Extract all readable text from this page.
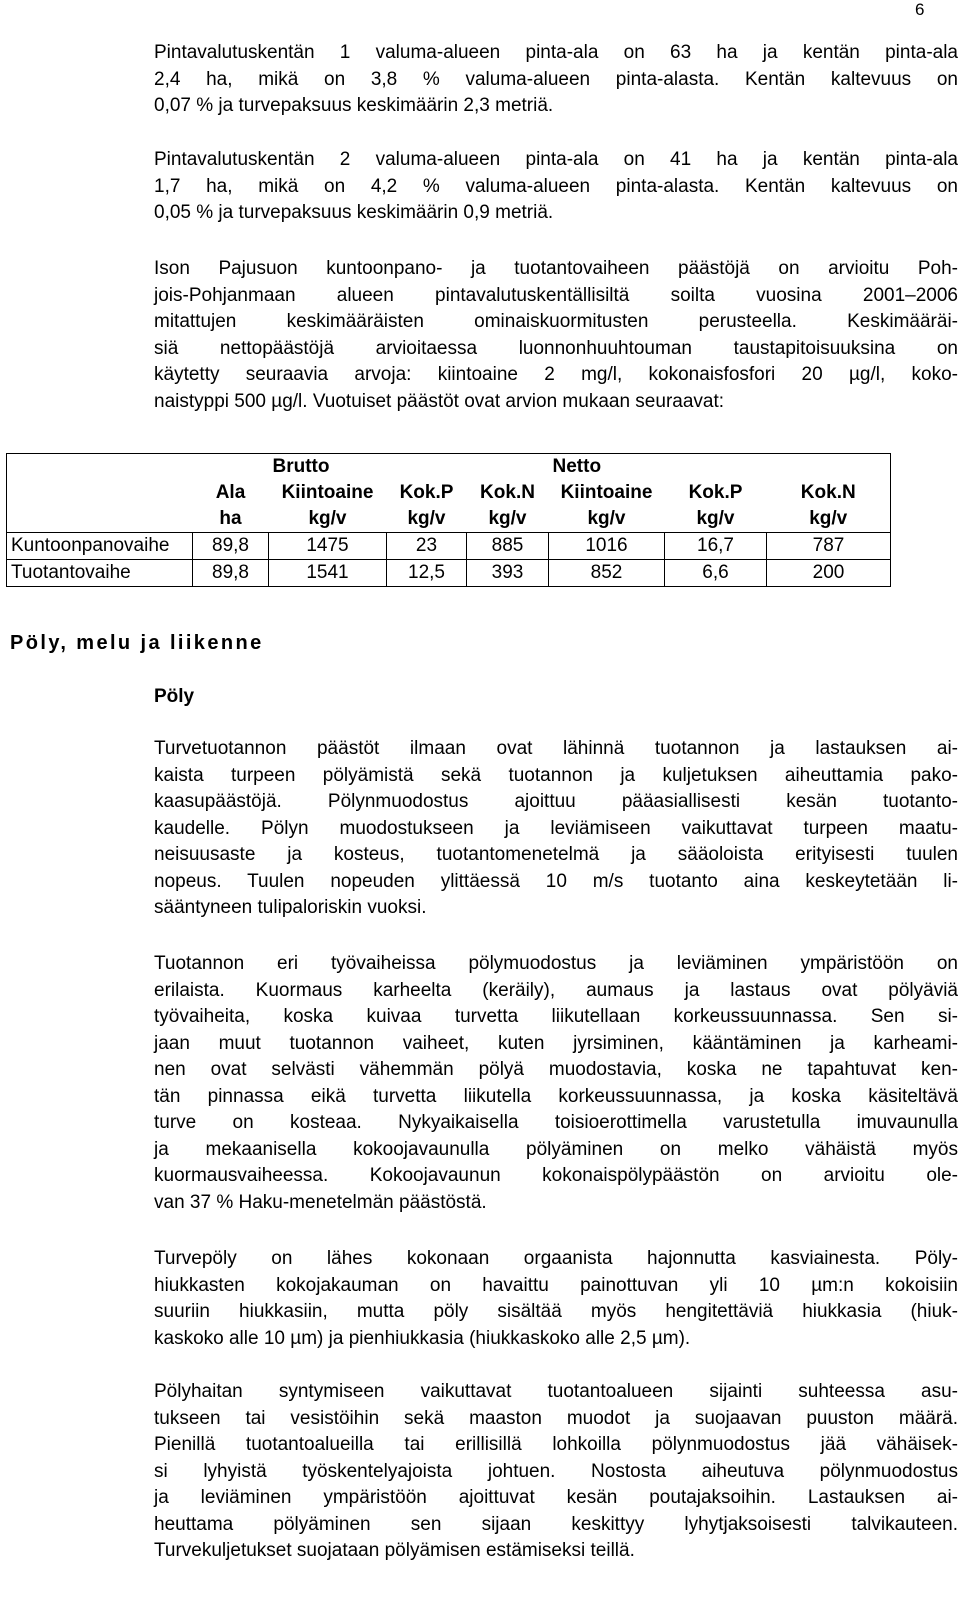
6

Pintavalutuskentän 1 valuma-alueen pinta-ala on 63 ha ja kentän pinta-ala
2,4 ha, mikä on 3,8 % valuma-alueen pinta-alasta. Kentän kaltevuus on
0,07 % ja turvepaksuus keskimäärin 2,3 metriä.

Pintavalutuskentän 2 valuma-alueen pinta-ala on 41 ha ja kentän pinta-ala
1,7 ha, mikä on 4,2 % valuma-alueen pinta-alasta. Kentän kaltevuus on
0,05 % ja turvepaksuus keskimäärin 0,9 metriä.

Ison Pajusuon kuntoonpano- ja tuotantovaiheen päästöjä on arvioitu Poh-
jois-Pohjanmaan alueen pintavalutuskentällisiltä soilta vuosina 2001–2006
mitattujen keskimääräisten ominaiskuormitusten perusteella. Keskimääräi-
siä nettopäästöjä arvioitaessa luonnonhuuhtouman taustapitoisuuksina on
käytetty seuraavia arvoja: kiintoaine 2 mg/l, kokonaisfosfori 20 µg/l, koko-
naistyppi 500 µg/l. Vuotuiset päästöt ovat arvion mukaan seuraavat:

		Brutto			Netto		
	Ala	Kiintoaine	Kok.P	Kok.N	Kiintoaine	Kok.P	Kok.N
	ha	kg/v	kg/v	kg/v	kg/v	kg/v	kg/v
Kuntoonpanovaihe	89,8	1475	23	885	1016	16,7	787
Tuotantovaihe	89,8	1541	12,5	393	852	6,6	200
Pöly, melu ja liikenne
Pöly

Turvetuotannon päästöt ilmaan ovat lähinnä tuotannon ja lastauksen ai-
kaista turpeen pölyämistä sekä tuotannon ja kuljetuksen aiheuttamia pako-
kaasupäästöjä. Pölynmuodostus ajoittuu pääasiallisesti kesän tuotanto-
kaudelle. Pölyn muodostukseen ja leviämiseen vaikuttavat turpeen maatu-
neisuusaste ja kosteus, tuotantomenetelmä ja sääoloista erityisesti tuulen
nopeus. Tuulen nopeuden ylittäessä 10 m/s tuotanto aina keskeytetään li-
sääntyneen tulipaloriskin vuoksi.

Tuotannon eri työvaiheissa pölymuodostus ja leviäminen ympäristöön on
erilaista. Kuormaus karheelta (keräily), aumaus ja lastaus ovat pölyäviä
työvaiheita, koska kuivaa turvetta liikutellaan korkeussuunnassa. Sen si-
jaan muut tuotannon vaiheet, kuten jyrsiminen, kääntäminen ja karheami-
nen ovat selvästi vähemmän pölyä muodostavia, koska ne tapahtuvat ken-
tän pinnassa eikä turvetta liikutella korkeussuunnassa, ja koska käsiteltävä
turve on kosteaa. Nykyaikaisella toisioerottimella varustetulla imuvaunulla
ja mekaanisella kokoojavaunulla pölyäminen on melko vähäistä myös
kuormausvaiheessa. Kokoojavaunun kokonaispölypäästön on arvioitu ole-
van 37 % Haku-menetelmän päästöstä.

Turvepöly on lähes kokonaan orgaanista hajonnutta kasviainesta. Pöly-
hiukkasten kokojakauman on havaittu painottuvan yli 10 µm:n kokoisiin
suuriin hiukkasiin, mutta pöly sisältää myös hengitettäviä hiukkasia (hiuk-
kaskoko alle 10 µm) ja pienhiukkasia (hiukkaskoko alle 2,5 µm).

Pölyhaitan syntymiseen vaikuttavat tuotantoalueen sijainti suhteessa asu-
tukseen tai vesistöihin sekä maaston muodot ja suojaavan puuston määrä.
Pienillä tuotantoalueilla tai erillisillä lohkoilla pölynmuodostus jää vähäisek-
si lyhyistä työskentelyajoista johtuen. Nostosta aiheutuva pölynmuodostus
ja leviäminen ympäristöön ajoittuvat kesän poutajaksoihin. Lastauksen ai-
heuttama pölyäminen sen sijaan keskittyy lyhytjaksoisesti talvikauteen.
Turvekuljetukset suojataan pölyämisen estämiseksi teillä.
